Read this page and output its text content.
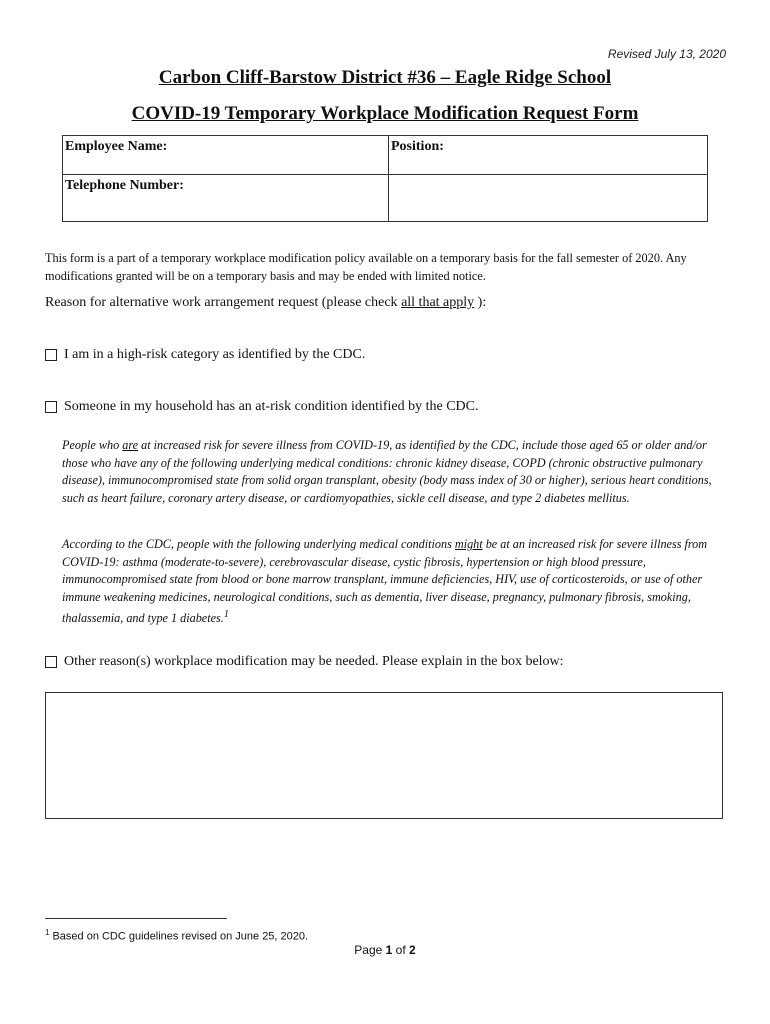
Revised July 13, 2020
Carbon Cliff-Barstow District #36 – Eagle Ridge School
COVID-19 Temporary Workplace Modification Request Form
Employee Name:	Position:
Telephone Number:	
This form is a part of a temporary workplace modification policy available on a temporary basis for the fall semester of 2020. Any modifications granted will be on a temporary basis and may be ended with limited notice.
Reason for alternative work arrangement request (please check all that apply ):
I am in a high-risk category as identified by the CDC.
Someone in my household has an at-risk condition identified by the CDC.
People who are at increased risk for severe illness from COVID-19, as identified by the CDC, include those aged 65 or older and/or those who have any of the following underlying medical conditions: chronic kidney disease, COPD (chronic obstructive pulmonary disease), immunocompromised state from solid organ transplant, obesity (body mass index of 30 or higher), serious heart conditions, such as heart failure, coronary artery disease, or cardiomyopathies, sickle cell disease, and type 2 diabetes mellitus.
According to the CDC, people with the following underlying medical conditions might be at an increased risk for severe illness from COVID-19: asthma (moderate-to-severe), cerebrovascular disease, cystic fibrosis, hypertension or high blood pressure, immunocompromised state from blood or bone marrow transplant, immune deficiencies, HIV, use of corticosteroids, or use of other immune weakening medicines, neurological conditions, such as dementia, liver disease, pregnancy, pulmonary fibrosis, smoking, thalassemia, and type 1 diabetes.$^1$
Other reason(s) workplace modification may be needed. Please explain in the box below:
$^1$ Based on CDC guidelines revised on June 25, 2020.
Page 1 of 2
